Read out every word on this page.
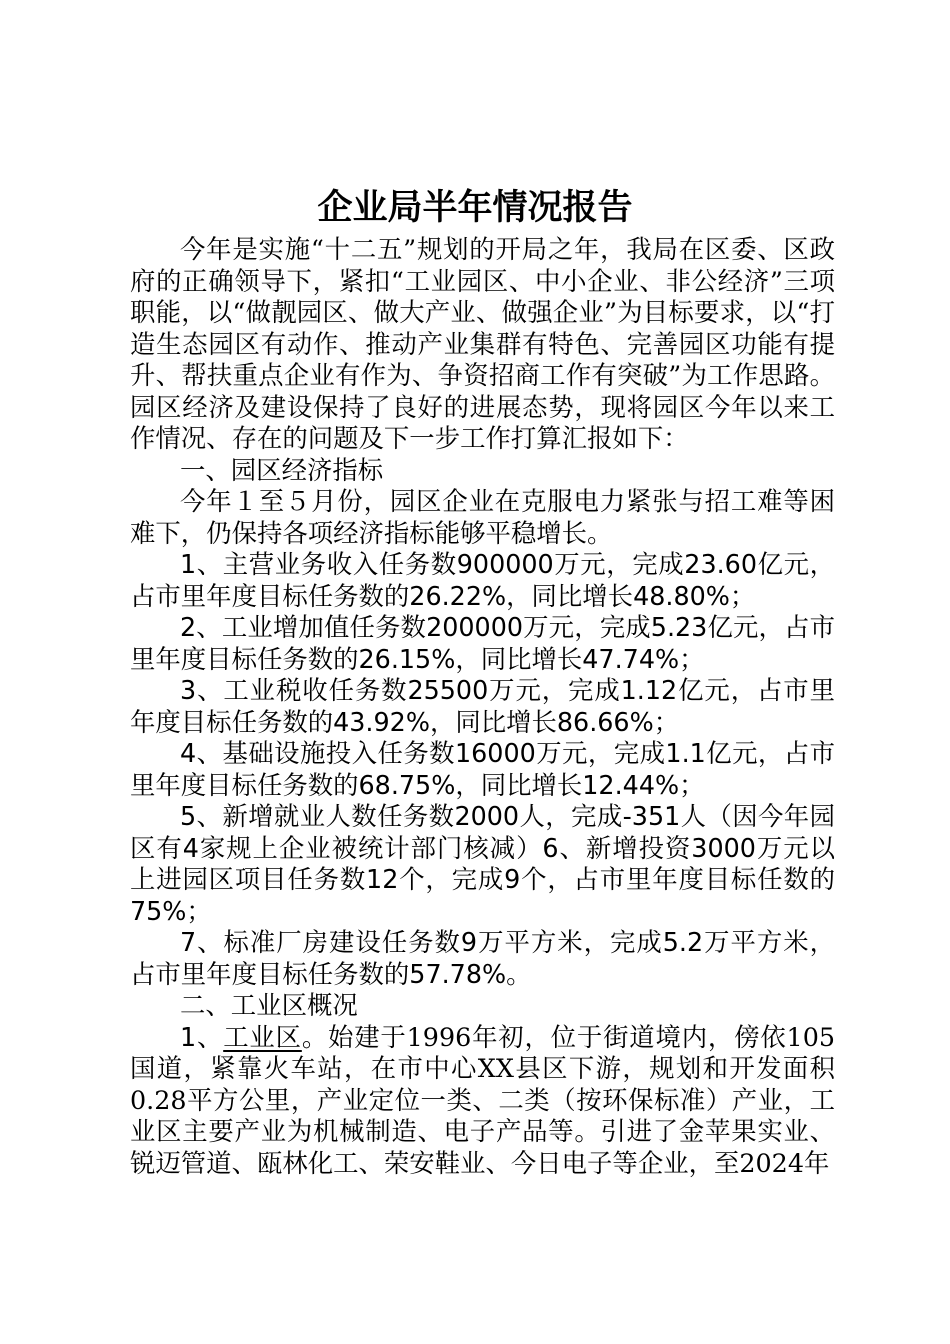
企业局半年情况报告

今年是实施“十二五”规划的开局之年，我局在区委、区政府的正确领导下，紧扣“工业园区、中小企业、非公经济”三项职能，以“做靓园区、做大产业、做强企业”为目标要求，以“打造生态园区有动作、推动产业集群有特色、完善园区功能有提升、帮扶重点企业有作为、争资招商工作有突破”为工作思路。园区经济及建设保持了良好的进展态势，现将园区今年以来工作情况、存在的问题及下一步工作打算汇报如下：

一、园区经济指标

今年１至５月份，园区企业在克服电力紧张与招工难等困难下，仍保持各项经济指标能够平稳增长。

1、主营业务收入任务数900000万元，完成23.60亿元，占市里年度目标任务数的26.22%，同比增长48.80%；

2、工业增加值任务数200000万元，完成5.23亿元，占市里年度目标任务数的26.15%，同比增长47.74%；

3、工业税收任务数25500万元，完成1.12亿元，占市里年度目标任务数的43.92%，同比增长86.66%；

4、基础设施投入任务数16000万元，完成1.1亿元，占市里年度目标任务数的68.75%，同比增长12.44%；

5、新增就业人数任务数2000人，完成-351人（因今年园区有4家规上企业被统计部门核减）6、新增投资3000万元以上进园区项目任务数12个，完成9个，占市里年度目标任数的75%；

7、标准厂房建设任务数9万平方米，完成5.2万平方米，占市里年度目标任务数的57.78%。

二、工业区概况

1、工业区。始建于1996年初，位于街道境内，傍依105国道，紧靠火车站，在市中心XX县区下游，规划和开发面积0.28平方公里，产业定位一类、二类（按环保标准）产业，工业区主要产业为机械制造、电子产品等。引进了金苹果实业、锐迈管道、瓯林化工、荣安鞋业、今日电子等企业，至2024年
